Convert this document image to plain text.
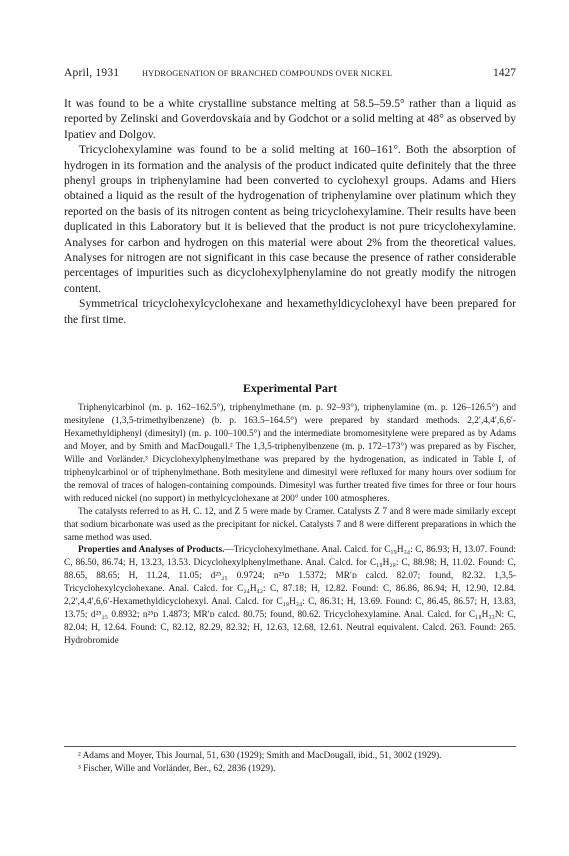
April, 1931	HYDROGENATION OF BRANCHED COMPOUNDS OVER NICKEL	1427

It was found to be a white crystalline substance melting at 58.5–59.5° rather than a liquid as reported by Zelinski and Goverdovskaia and by Godchot or a solid melting at 48° as observed by Ipatiev and Dolgov.

Tricyclohexylamine was found to be a solid melting at 160–161°. Both the absorption of hydrogen in its formation and the analysis of the product indicated quite definitely that the three phenyl groups in triphenylamine had been converted to cyclohexyl groups. Adams and Hiers obtained a liquid as the result of the hydrogenation of triphenylamine over platinum which they reported on the basis of its nitrogen content as being tricyclohexylamine. Their results have been duplicated in this Laboratory but it is believed that the product is not pure tricyclohexylamine. Analyses for carbon and hydrogen on this material were about 2% from the theoretical values. Analyses for nitrogen are not significant in this case because the presence of rather considerable percentages of impurities such as dicyclohexylphenylamine do not greatly modify the nitrogen content.

Symmetrical tricyclohexylcyclohexane and hexamethyldicyclohexyl have been prepared for the first time.

Experimental Part

Triphenylcarbinol (m. p. 162–162.5°), triphenylmethane (m. p. 92–93°), triphenylamine (m. p. 126–126.5°) and mesitylene (1,3,5-trimethylbenzene) (b. p. 163.5–164.5°) were prepared by standard methods. 2,2′,4,4′,6,6′-Hexamethyldiphenyl (dimesityl) (m. p. 100–100.5°) and the intermediate bromomesitylene were prepared as by Adams and Moyer, and by Smith and MacDougall.² The 1,3,5-triphenylbenzene (m. p. 172–173°) was prepared as by Fischer, Wille and Vorländer.³ Dicyclohexylphenylmethane was prepared by the hydrogenation, as indicated in Table I, of triphenylcarbinol or of triphenylmethane. Both mesitylene and dimesityl were refluxed for many hours over sodium for the removal of traces of halogen-containing compounds. Dimesityl was further treated five times for three or four hours with reduced nickel (no support) in methylcyclohexane at 200° under 100 atmospheres.

The catalysts referred to as H. C. 12, and Z 5 were made by Cramer. Catalysts Z 7 and 8 were made similarly except that sodium bicarbonate was used as the precipitant for nickel. Catalysts 7 and 8 were different preparations in which the same method was used.

Properties and Analyses of Products.—Tricyclohexylmethane. Anal. Calcd. for C₁₉H₃₄: C, 86.93; H, 13.07. Found: C, 86.50, 86.74; H, 13.23, 13.53. Dicyclohexylphenylmethane. Anal. Calcd. for C₁₉H₂₈: C, 88.98; H, 11.02. Found: C, 88.65, 88.65; H, 11.24, 11.05; d²⁵₂₅ 0.9724; n²⁵ᴅ 1.5372; MR′ᴅ calcd. 82.07; found, 82.32. 1,3,5-Tricyclohexylcyclohexane. Anal. Calcd. for C₂₄H₄₂: C, 87.18; H, 12.82. Found: C, 86.86, 86.94; H, 12.90, 12.84. 2,2′,4,4′,6,6′-Hexamethyldicyclohexyl. Anal. Calcd. for C₁₈H₃₄: C, 86.31; H, 13.69. Found: C, 86.45, 86.57; H, 13.83, 13.75; d²⁵₂₅ 0.8932; n²⁵ᴅ 1.4873; MR′ᴅ calcd. 80.75; found, 80.62. Tricyclohexylamine. Anal. Calcd. for C₁₈H₃₃N: C, 82.04; H, 12.64. Found: C, 82.12, 82.29, 82.32; H, 12.63, 12.68, 12.61. Neutral equivalent. Calcd. 263. Found: 265. Hydrobromide

² Adams and Moyer, This Journal, 51, 630 (1929); Smith and MacDougall, ibid., 51, 3002 (1929).

³ Fischer, Wille and Vorländer, Ber., 62, 2836 (1929).
